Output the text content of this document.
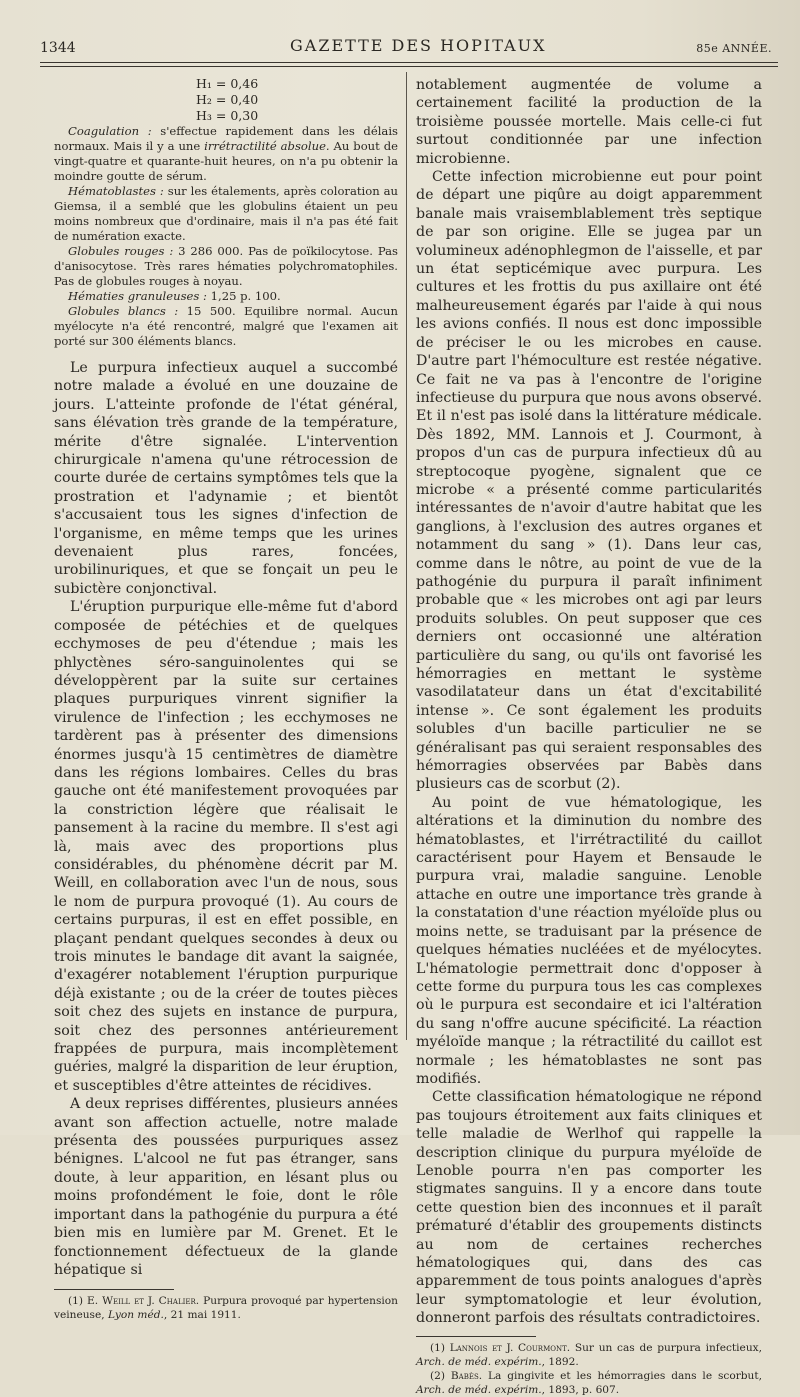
1344	GAZETTE DES HOPITAUX	85e ANNÉE.
H₁ = 0,46
H₂ = 0,40
H₃ = 0,30

Coagulation : s'effectue rapidement dans les délais normaux. Mais il y a une irrétractilité absolue. Au bout de vingt-quatre et quarante-huit heures, on n'a pu obtenir la moindre goutte de sérum.

Hématoblastes : sur les étalements, après coloration au Giemsa, il a semblé que les globulins étaient un peu moins nombreux que d'ordinaire, mais il n'a pas été fait de numération exacte.

Globules rouges : 3 286 000. Pas de poïkilocytose. Pas d'anisocytose. Très rares hématies polychromatophiles. Pas de globules rouges à noyau.

Hématies granuleuses : 1,25 p. 100.

Globules blancs : 15 500. Equilibre normal. Aucun myélocyte n'a été rencontré, malgré que l'examen ait porté sur 300 éléments blancs.

Le purpura infectieux auquel a succombé notre malade a évolué en une douzaine de jours. L'atteinte profonde de l'état général, sans élévation très grande de la température, mérite d'être signalée. L'intervention chirurgicale n'amena qu'une rétrocession de courte durée de certains symptômes tels que la prostration et l'adynamie ; et bientôt s'accusaient tous les signes d'infection de l'organisme, en même temps que les urines devenaient plus rares, foncées, urobilinuriques, et que se fonçait un peu le subictère conjonctival.

L'éruption purpurique elle-même fut d'abord composée de pétéchies et de quelques ecchymoses de peu d'étendue ; mais les phlyctènes séro-sanguinolentes qui se développèrent par la suite sur certaines plaques purpuriques vinrent signifier la virulence de l'infection ; les ecchymoses ne tardèrent pas à présenter des dimensions énormes jusqu'à 15 centimètres de diamètre dans les régions lombaires. Celles du bras gauche ont été manifestement provoquées par la constriction légère que réalisait le pansement à la racine du membre. Il s'est agi là, mais avec des proportions plus considérables, du phénomène décrit par M. Weill, en collaboration avec l'un de nous, sous le nom de purpura provoqué (1). Au cours de certains purpuras, il est en effet possible, en plaçant pendant quelques secondes à deux ou trois minutes le bandage dit avant la saignée, d'exagérer notablement l'éruption purpurique déjà existante ; ou de la créer de toutes pièces soit chez des sujets en instance de purpura, soit chez des personnes antérieurement frappées de purpura, mais incomplètement guéries, malgré la disparition de leur éruption, et susceptibles d'être atteintes de récidives.

A deux reprises différentes, plusieurs années avant son affection actuelle, notre malade présenta des poussées purpuriques assez bénignes. L'alcool ne fut pas étranger, sans doute, à leur apparition, en lésant plus ou moins profondément le foie, dont le rôle important dans la pathogénie du purpura a été bien mis en lumière par M. Grenet. Et le fonctionnement défectueux de la glande hépatique si

(1) E. Weill et J. Chalier. Purpura provoqué par hypertension veineuse, Lyon méd., 21 mai 1911.

notablement augmentée de volume a certainement facilité la production de la troisième poussée mortelle. Mais celle-ci fut surtout conditionnée par une infection microbienne.

Cette infection microbienne eut pour point de départ une piqûre au doigt apparemment banale mais vraisemblablement très septique de par son origine. Elle se jugea par un volumineux adénophlegmon de l'aisselle, et par un état septicémique avec purpura. Les cultures et les frottis du pus axillaire ont été malheureusement égarés par l'aide à qui nous les avions confiés. Il nous est donc impossible de préciser le ou les microbes en cause. D'autre part l'hémoculture est restée négative. Ce fait ne va pas à l'encontre de l'origine infectieuse du purpura que nous avons observé. Et il n'est pas isolé dans la littérature médicale. Dès 1892, MM. Lannois et J. Courmont, à propos d'un cas de purpura infectieux dû au streptocoque pyogène, signalent que ce microbe « a présenté comme particularités intéressantes de n'avoir d'autre habitat que les ganglions, à l'exclusion des autres organes et notamment du sang » (1). Dans leur cas, comme dans le nôtre, au point de vue de la pathogénie du purpura il paraît infiniment probable que « les microbes ont agi par leurs produits solubles. On peut supposer que ces derniers ont occasionné une altération particulière du sang, ou qu'ils ont favorisé les hémorragies en mettant le système vasodilatateur dans un état d'excitabilité intense ». Ce sont également les produits solubles d'un bacille particulier ne se généralisant pas qui seraient responsables des hémorragies observées par Babès dans plusieurs cas de scorbut (2).

Au point de vue hématologique, les altérations et la diminution du nombre des hématoblastes, et l'irrétractilité du caillot caractérisent pour Hayem et Bensaude le purpura vrai, maladie sanguine. Lenoble attache en outre une importance très grande à la constatation d'une réaction myéloïde plus ou moins nette, se traduisant par la présence de quelques hématies nucléées et de myélocytes. L'hématologie permettrait donc d'opposer à cette forme du purpura tous les cas complexes où le purpura est secondaire et ici l'altération du sang n'offre aucune spécificité. La réaction myéloïde manque ; la rétractilité du caillot est normale ; les hématoblastes ne sont pas modifiés.

Cette classification hématologique ne répond pas toujours étroitement aux faits cliniques et telle maladie de Werlhof qui rappelle la description clinique du purpura myéloïde de Lenoble pourra n'en pas comporter les stigmates sanguins. Il y a encore dans toute cette question bien des inconnues et il paraît prématuré d'établir des groupements distincts au nom de certaines recherches hématologiques qui, dans des cas apparemment de tous points analogues d'après leur symptomatologie et leur évolution, donneront parfois des résultats contradictoires.

(1) Lannois et J. Courmont. Sur un cas de purpura infectieux, Arch. de méd. expérim., 1892.

(2) Babès. La gingivite et les hémorragies dans le scorbut, Arch. de méd. expérim., 1893, p. 607.
